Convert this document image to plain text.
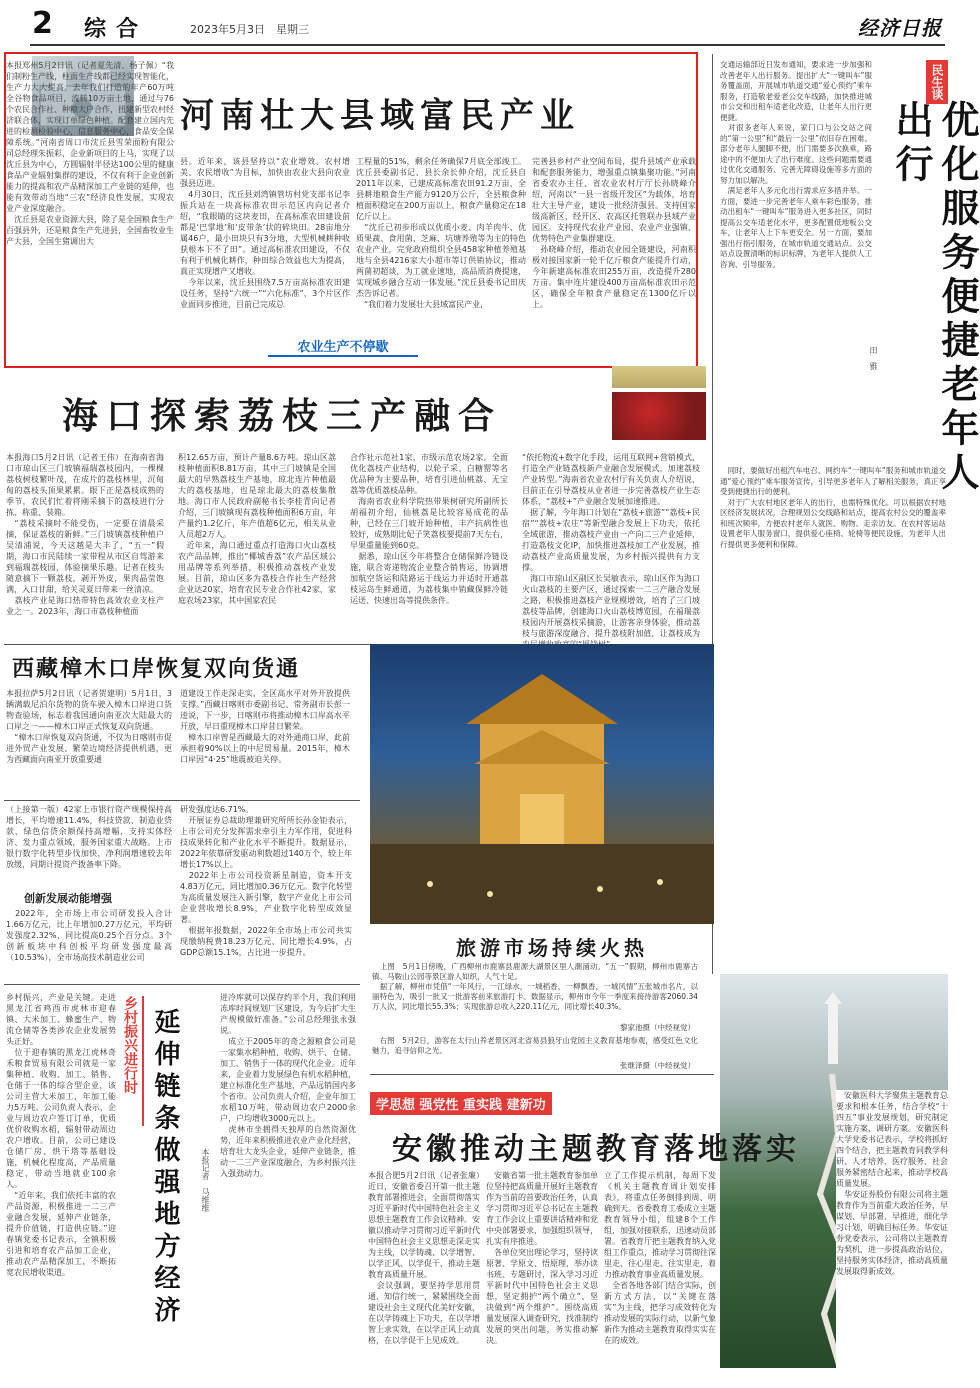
2 综合	2023年5月3日 星期三	经济日报
本报郑州5月2日讯（记者夏先清、杨子佩）“我们制粉生产线，柱面生产线都已经实现智能化，生产力大大提高。去年我们打造的年产60万吨全谷物食品项目，流转10万亩土地，通过与76个农民合作社、种粮大户合作，扭建新型农村经济联合体，实现订单绿色种植。配套建立国内先进的检测检验中心，信息服务中心，食品安全保障系统。”河南省周口市沈丘县雪荣面粉有限公司总经理朱振彩，企业新项目的上马，实现了以沈丘县为中心，方圆辐射半径达100公里的健康食品产业辐射集群的建设，不仅有利于企业创新能力的提高和农产品精深加工产业链的延伸，也能有效带动当地“三农”经济良性发展，实现农业产业深度融合。
　沈丘县是农业资源大县，除了是全国粮食生产百强县外，还是粮食生产先进县，全国畜牧业生产大县，全国生猪调出大
河南壮大县域富民产业
县。近年来，该县坚持以“农业增效、农村增美、农民增收”为目标，加快由农业大县向农业强县迈进。
　4月30日，沈丘县刘湾镇管坊村党支部书记李振兵站在一块高标准农田示范区内向记者介绍，“我眼睛的这块麦田，在高标准农田建设前都是‘巴掌地’和‘皮带条’状的碎块田。28亩地分属46户，最小田块只有3分地，大型机械耕种收获根本下不了田”。通过高标准农田建设，不仅有利于机械化耕作，种田综合效益也大为提高，真正实现增产又增收。
　今年以来，沈丘县围绕7.5万亩高标准农田建设任务，坚持“六统一”“六化标准”，3个片区作业面同步推进，目前已完成总
工程量的51%，剩余任务确保7月底全部竣工。沈丘县委副书记、县长余长伸介绍，沈丘县自2011年以来，已建成高标准农田91.2万亩，全县耕地粮食生产能力9120万公斤，全县粮食种植面积稳定在200万亩以上，粮食产量稳定在18亿斤以上。
　“沈丘已初步形成以优质小麦、肉羊肉牛、优质果蔬、食用菌、芝麻、坑塘养殖等为主的特色农业产业，完党政府组织全县458家种植养殖基地与全县4216家大小超市等订供销协议，推动两菌初超谈，为工就业速地，高品质消费提速，实现城乡融合互动一体发展。”沈丘县委书记田庆杰告诉记者。
　“我们着力发展壮大县域富民产业，
完善县乡村产业空间布局，提升县域产业承载和配套服务能力，增强重点镇集聚功能。”河南省委农办主任、省农业农村厅厅长孙晓峰介绍，河南以“一县一省级开发区”为载体，培育壮大主导产业，建设一批经济强县。支持国家级高新区、经开区、农高区托管联办县域产业园区。支持现代农业产业园、农业产业强镇、优势特色产业集群建设。
　孙晓峰介绍，推动农业园全链建设，河南积极对接国家新一轮千亿斤粮食产能提升行动，今年新建高标准农田255万亩，改造提升280万亩。集中连片建设400万亩高标准农田示范区，确保全年粮食产量稳定在1300亿斤以上。
农业生产不停歇
交通运输部近日发布通知，要求进一步加强和改善老年人出行服务。提出扩大“一键叫车”服务覆盖面，开展城市轨道交通“爱心预约”乘车服务，打造敬老爱老公交车线路，加快推进城市公交和出租车适老化改造，让老年人出行更便捷。
　对很多老年人来说，家门口与公交站之间的“第一公里”和“最后一公里”依旧存在困难。部分老年人腿脚不便，出门需要多次换乘，路途中的不便加大了出行难度。这些问题需要通过优化交通服务、完善无障碍设施等多方面的努力加以解决。
　满足老年人多元化出行需求应多措并举。一方面，要进一步完善老年人乘车彩色服务，推动出租车“一键叫车”服务进入更多社区，同时提高公交车适老化水平，更多配置低地板公交车，让老年人上下车更安全。另一方面，要加强出行指引服务，在城市轨道交通站点、公交站点设置清晰的标识标牌，为老年人提供人工咨询、引导服务。
民生谈
优化服务便捷老年人出行
田　雅
　同时，要做好出租汽车电召、网约车“一键叫车”服务和城市轨道交通“爱心预约”乘车服务宣传，引导更多老年人了解相关服务，真正享受到便捷出行的便利。
　对于广大农村地区老年人的出行，也需特殊优化。可以根据农村地区经济发展状况，合理规划公交线路和站点，提高农村公交的覆盖率和班次频率，方便农村老年人就医、购物、走亲访友。在农村客运站设置老年人服务窗口，提供爱心座椅、轮椅等便民设施，为老年人出行提供更多便利和保障。
海口探索荔枝三产融合
本报海口5月2日讯（记者王伟）在海南省海口市琼山区三门坡镇福瑞荔枝园内，一棵棵荔枝树枝繁叶茂，在成片的荔枝林里，沉甸甸的荔枝头顶果累累。眼下正是荔枝成熟的季节，农民们忙着将刚采摘下的荔枝进行分拣、称重、装箱。
　“荔枝采摘时不能受伤，一定要在清晨采摘，保证荔枝的新鲜。”三门坡镇荔枝种植户吴清浦说，今天这越是大丰了，“五一”假期，海口市民陆续一家带程从市区自驾游来到福瑞荔枝园，体验摘果乐趣。记者在枝头随意摘下一颗荔枝，剥开外皮，果肉晶莹饱满，入口甘甜，给关灵夏日带来一丝清凉。
　荔枝产业是海口热带特色高效农业支柱产业之一。2023年，海口市荔枝种植面
积12.65万亩，预计产量8.6万吨。琼山区荔枝种植面积8.81万亩，其中三门坡镇是全国最大的早熟荔枝生产基地，琼北连片种植最大的荔枝基地，也是琼北最大的荔枝集散地。海口市人民政府副秘书长李桂青向记者介绍，三门坡镇现有荔枝种植面积6万亩，年产量约1.2亿斤，年产值超6亿元，相关从业人员超2万人。
　近年来，海口通过重点打造海口火山荔枝农产品品牌，推出“椰城香荔”农产品区域公用品牌等系列举措，积极推动荔枝产业发展。目前，琼山区多为荔枝合作社生产经营企业达20家，培育农民专业合作社42家，家庭农场23家，其中国家农民
合作社示范社1家，市级示范农场2家。全面优化荔枝产业结构，以轮子采、白糖罂等名优品种为主要品种，培育引进仙桃荔、无宝荔等优质荔枝品种。
　海南省农业科学院热带果树研究所副所长胡福初介绍，仙桃荔是比较容易成花的品种，已经在三门坡开始种植，丰产抗病性也较好，成熟期比妃子笑荔枝要提前7天左右，早果重量能到60克。
　据悉，琼山区今年将整合仓储保鲜冷链设施，联合寄递物流企业整合销售运，协调增加航空货运和陆路运于线运力并适时开通荔枝运岛生鲜通道，为荔枝集中销藏保鲜冷链运送、快速出岛等提供条件。
“依托物流+数字化手段，运用互联网+营销模式，打造全产业链荔枝新产业融合发展模式，加速荔枝产业转型。”海南省农业农村厅有关负责人介绍说，目前正在引导荔枝从业者进一步完善荔枝产业生态体系，“荔枝+”产业融合发展加速推进。
　据了解，今年海口计划在“荔枝+旅游”“荔枝+民宿”“荔枝+农庄”等新型融合发展上下功夫，依托全域旅游，推动荔枝产业由一产向二三产业延伸，打造荔枝文化IP，加快推进荔枝加工产业发展，推动荔枝产业高质量发展，为乡村振兴提供有力支撑。
　海口市琼山区副区长吴敏表示，琼山区作为海口火山荔枝的主要产区，通过探索一二三产融合发展之路，积极推进荔枝产业规模增效，培育了三门坡荔枝等品牌，创建海口火山荔枝博览园，在福瑞荔枝园内开展荔枝采摘游，让游客亲身体验，推动荔枝与旅游深度融合，提升荔枝附加值，让荔枝成为
西藏樟木口岸恢复双向货通
本报拉萨5月2日讯（记者贺建明）5月1日，3辆满载尼泊尔货物的货车驶入樟木口岸进口货物查验场，标志着我国通向南亚次大陆最大的口岸之一——樟木口岸正式恢复双向货通。
　“樟木口岸恢复双向货通，不仅为日喀则市促进外贸产业发展、繁荣边境经济提供机遇，更为西藏面向南亚开放重要通
道建设工作走深走实，全区高水平对外开放提供支撑。”西藏日喀则市委副书记、常务副市长彭一逵说，下一步，日喀则市将推动樟木口岸高水平开放，早日重现樟木口岸昔日繁荣。
　樟木口岸曾是西藏最大的对外通商口岸，此前承担着90%以上的中尼贸易量。2015年，樟木口岸因“4·25”地震被迫关停。
（上接第一版）42家上市银行资产规模保持高增长，平均增速11.4%，科技贷款、制造业贷款、绿色信贷余额保持高增幅，支持实体经济、发力重点领域，服务国家重大战略。上市银行数字化转型步伐加快，净利润增速较去年放缓，同期计提资产拨备率下降。
创新发展动能增强
　2022年，全市场上市公司研发投入合计1.66万亿元，比上年增加0.27万亿元，平均研发强度2.32%，同比提高0.25个百分点。3个创新板块中科创板平均研发强度最高（10.53%），全市场高技术制造业公司
研发强度达6.71%。
　开展证券总裁助理兼研究所所长孙金钜表示，上市公司充分发挥需求牵引主力军作用，促进科技成果转化和产业化水平不断提升。数据显示，2022年依靠研发驱动利数超过140万个，较上年增长17%以上。
　2022年上市公司投资新星制造，资本开支4.83万亿元，同比增加0.36万亿元。数字化转型为高质量发展注入新引擎，数字产业化上市公司企业营收增长8.9%，产业数字化转型成效显著。
　根据年报数据，2022年全市场上市公司共实现缴纳税费18.23万亿元，同比增长4.9%，占GDP总额15.1%，占比进一步提升。	旅游市场持续火热
　上图　5月1日傍晚，广西柳州市鹿寨县鹿源大湖景区里人潮涌动。“五一”假期，柳州市鹿寨古镇、马鞍山公园等景区游人如织，人气十足。
　据了解，柳州市凭借“一年风行，一江绿水，一城稻香，一柳飘香，一城风情”五张城市名片，以丽特色为，吸引一批又一批游客前来旅游打卡。数据显示，柳州市今年一季度来接待游客2060.34万人次，同比增长55.3%；实现旅游总收入220.11亿元，同比增长40.3%。
黎家池摄（中经视觉）
　右图　5月2日，游客在太行山养老景区河北省易县狼牙山党园主义教育基地参观，感受红色文化魅力，追寻信仰之光。
张继泽摄（中经视觉）
乡村振兴，产业是关键。走进黑龙江省鸡西市虎林市迎春镇、大米加工、蜂蜜生产、物流仓储等各类涉农企业发展势头正好。
　位于迎春镇的黑龙江虎林奇禾粮食贸易有限公司就是一家集种植、收购、加工、销售、仓储于一体的综合型企业，该公司主营大米加工，年加工能力5万吨。公司负责人表示，企业与周边农户签订订单，优质优价收购水稻，辐射带动周边农户增收。目前，公司已建设仓储厂房、烘干塔等基础设施，机械化程度高，产品质量稳定，带动当地就业100余人。
　“近年来，我们依托丰富的农产品资源，积极推进一二三产业融合发展，延伸产业链条，提升价值链，打造供应链。”迎春镇党委书记表示，全镇积极引进和培育农产品加工企业，推动农产品精深加工，不断拓宽农民增收渠道。
乡村振兴进行时 延伸链条做强地方经济	本报记者　马维维
进冷库就可以保存约半个月，我们利用冻库时间规划厂区建设，为今后扩大生产规模做好准备。”公司总经理张永强说。
　成立于2005年的奇之源粮食公司是一家集水稻种植、收购、烘干、仓储、加工、销售于一体的现代化企业。近年来，企业着力发展绿色有机水稻种植，建立标准化生产基地，产品远销国内多个省市。公司负责人介绍，企业年加工水稻10万吨，带动周边农户2000余户，户均增收3000元以上。
　虎林市坐拥得天独厚的自然资源优势，近年来积极推进农业产业化经营，培育壮大龙头企业，延伸产业链条，推动一二三产业深度融合，为乡村振兴注入强劲动力。
学思想 强党性 重实践 建新功
安徽推动主题教育落地落实
本报合肥5月2日讯（记者张廉）近日，安徽省委召开第一批主题教育部署推进会，全面贯彻落实习近平新时代中国特色社会主义思想主题教育工作会议精神。安徽以推动学习贯彻习近平新时代中国特色社会主义思想走深走实为主线，以学铸魂、以学增智、以学正风、以学促干，推动主题教育高质量开展。
　会议强调，要坚持学思用贯通、知信行统一，紧紧围绕全面建设社会主义现代化美好安徽，在以学铸魂上下功夫，在以学增智上求实效，在以学正风上动真格，在以学促干上见成效。
　安徽省第一批主题教育参加单位坚持把高质量开展好主题教育作为当前的首要政治任务，认真学习贯彻习近平总书记在主题教育工作会议上重要讲话精神和党中央部署要求，加强组织领导，扎实有序推进。
　各单位突出理论学习，坚持读原著、学原文、悟原理，举办读书班、专题研讨，深入学习习近平新时代中国特色社会主义思想，坚定拥护“两个确立”、坚决做到“两个维护”。围绕高质量发展深入调查研究，找准制约发展的突出问题，务实推动解决。
立了工作提示机制，每周下发《机关主题教育周计划安排表》，将重点任务倒排到周、明确到天。省委教育工委成立主题教育领导小组，组建8个工作组，加强对接联系，迅速动员部署。省教育厅把主题教育纳入党组工作重点，推动学习贯彻往深里走、往心里走、往实里走，着力推动教育事业高质量发展。
　全省各地各部门结合实际，创新方式方法，以“关键在落实”为主线，把学习成效转化为推动发展的实际行动，以新气象新作为推动主题教育取得实实在在的成效。
　安徽医科大学聚焦主题教育总要求和根本任务，结合学校“十四五”事业发展规划，研究制定实施方案，调研方案。安徽医科大学党委书记表示，学校将抓好四个结合，把主题教育同教学科研、人才培养、医疗服务、社会服务紧密结合起来，推动学校高质量发展。
　华安证券股份有限公司将主题教育作为当前重大政治任务，早谋划、早部署、早推进，细化学习计划，明确目标任务。华安证券党委表示，公司将以主题教育为契机，进一步提高政治站位，坚持服务实体经济，推动高质量发展取得新成效。
